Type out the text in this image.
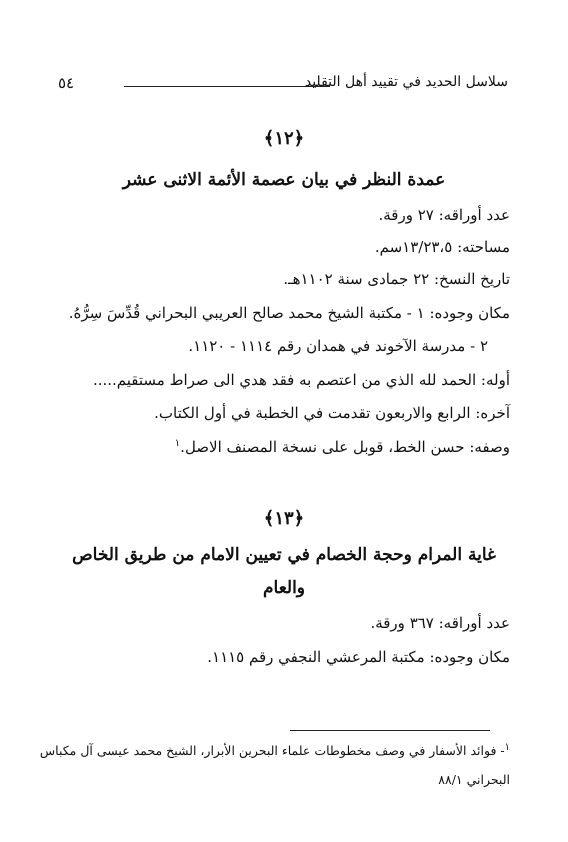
سلاسل الحديد في تقييد أهل التقليد
٥٤
﴿١٢﴾
عمدة النظر في بيان عصمة الأئمة الاثنى عشر
عدد أوراقه: ٢٧ ورقة.
مساحته: ١٣/٢٣،٥سم.
تاريخ النسخ: ٢٢ جمادى سنة ١١٠٢هـ.
مكان وجوده: ١ - مكتبة الشيخ محمد صالح العريبي البحراني قُدِّسَ سِرُّهُ.
٢ - مدرسة الآخوند في همدان رقم ١١١٤ - ١١٢٠.
أوله: الحمد لله الذي من اعتصم به فقد هدي الى صراط مستقيم.....
آخره: الرابع والاربعون تقدمت في الخطبة في أول الكتاب.
وصفه: حسن الخط، قوبل على نسخة المصنف الاصل.$^١$
﴿١٣﴾
غاية المرام وحجة الخصام في تعيين الامام من طريق الخاص
والعام
عدد أوراقه: ٣٦٧ ورقة.
مكان وجوده: مكتبة المرعشي النجفي رقم ١١١٥.
$^١$- فوائد الأسفار في وصف مخطوطات علماء البحرين الأبرار، الشيخ محمد عيسى آل مكباس
البحراني ٨٨/١
